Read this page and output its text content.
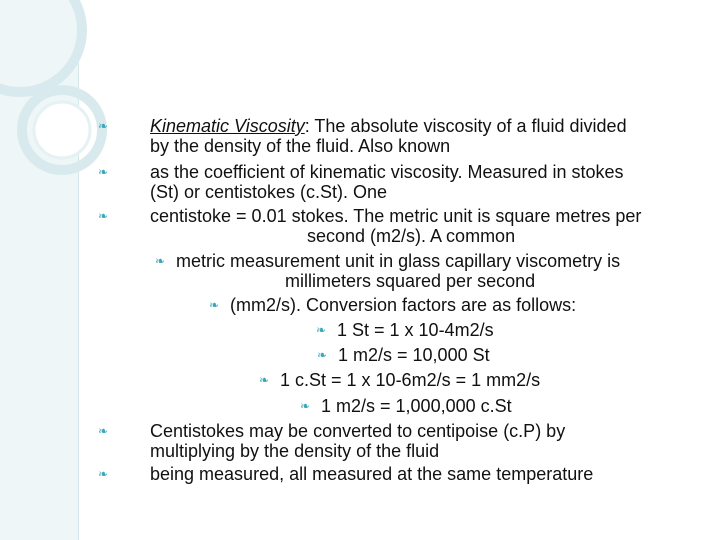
❧ Kinematic Viscosity: The absolute viscosity of a fluid divided
by the density of the fluid. Also known
❧ as the coefficient of kinematic viscosity. Measured in stokes
(St) or centistokes (c.St). One
❧ centistoke = 0.01 stokes. The metric unit is square metres per
second (m2/s). A common
❧ metric measurement unit in glass capillary viscometry is
millimeters squared per second
❧ (mm2/s). Conversion factors are as follows:
❧ 1 St = 1 x 10-4m2/s
❧ 1 m2/s = 10,000 St
❧ 1 c.St = 1 x 10-6m2/s = 1 mm2/s
❧ 1 m2/s = 1,000,000 c.St
❧ Centistokes may be converted to centipoise (c.P) by
multiplying by the density of the fluid
❧ being measured, all measured at the same temperature
